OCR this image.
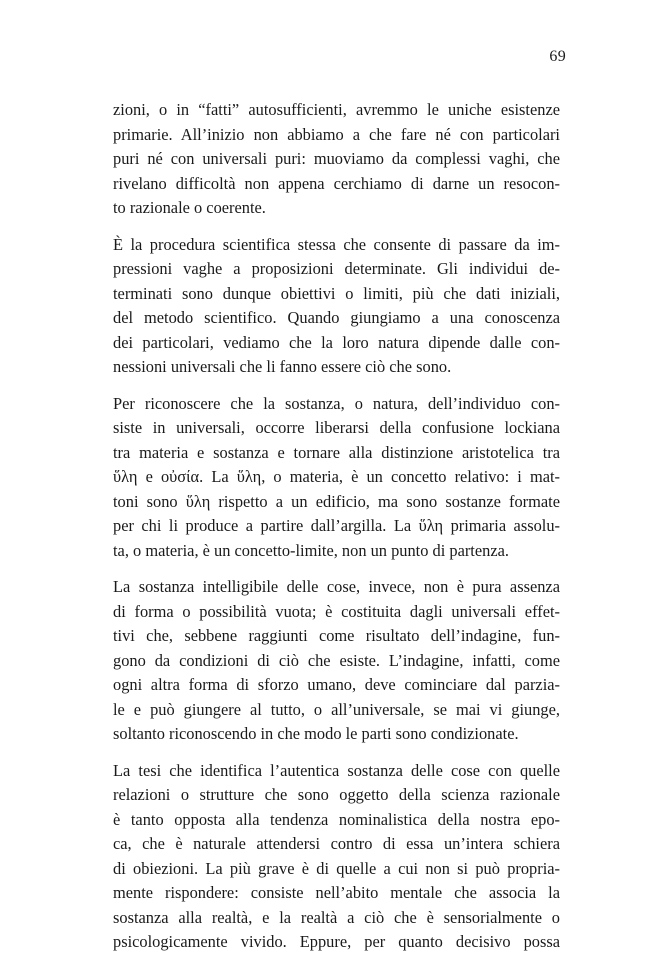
69

zioni, o in “fatti” autosufficienti, avremmo le uniche esistenze
primarie. All’inizio non abbiamo a che fare né con particolari
puri né con universali puri: muoviamo da complessi vaghi, che
rivelano difficoltà non appena cerchiamo di darne un resocon-
to razionale o coerente.

È la procedura scientifica stessa che consente di passare da im-
pressioni vaghe a proposizioni determinate. Gli individui de-
terminati sono dunque obiettivi o limiti, più che dati iniziali,
del metodo scientifico. Quando giungiamo a una conoscenza
dei particolari, vediamo che la loro natura dipende dalle con-
nessioni universali che li fanno essere ciò che sono.

Per riconoscere che la sostanza, o natura, dell’individuo con-
siste in universali, occorre liberarsi della confusione lockiana
tra materia e sostanza e tornare alla distinzione aristotelica tra
ὕλη e οὐσία. La ὕλη, o materia, è un concetto relativo: i mat-
toni sono ὕλη rispetto a un edificio, ma sono sostanze formate
per chi li produce a partire dall’argilla. La ὕλη primaria assolu-
ta, o materia, è un concetto-limite, non un punto di partenza.

La sostanza intelligibile delle cose, invece, non è pura assenza
di forma o possibilità vuota; è costituita dagli universali effet-
tivi che, sebbene raggiunti come risultato dell’indagine, fun-
gono da condizioni di ciò che esiste. L’indagine, infatti, come
ogni altra forma di sforzo umano, deve cominciare dal parzia-
le e può giungere al tutto, o all’universale, se mai vi giunge,
soltanto riconoscendo in che modo le parti sono condizionate.

La tesi che identifica l’autentica sostanza delle cose con quelle
relazioni o strutture che sono oggetto della scienza razionale
è tanto opposta alla tendenza nominalistica della nostra epo-
ca, che è naturale attendersi contro di essa un’intera schiera
di obiezioni. La più grave è di quelle a cui non si può propria-
mente rispondere: consiste nell’abito mentale che associa la
sostanza alla realtà, e la realtà a ciò che è sensorialmente o
psicologicamente vivido. Eppure, per quanto decisivo possa
